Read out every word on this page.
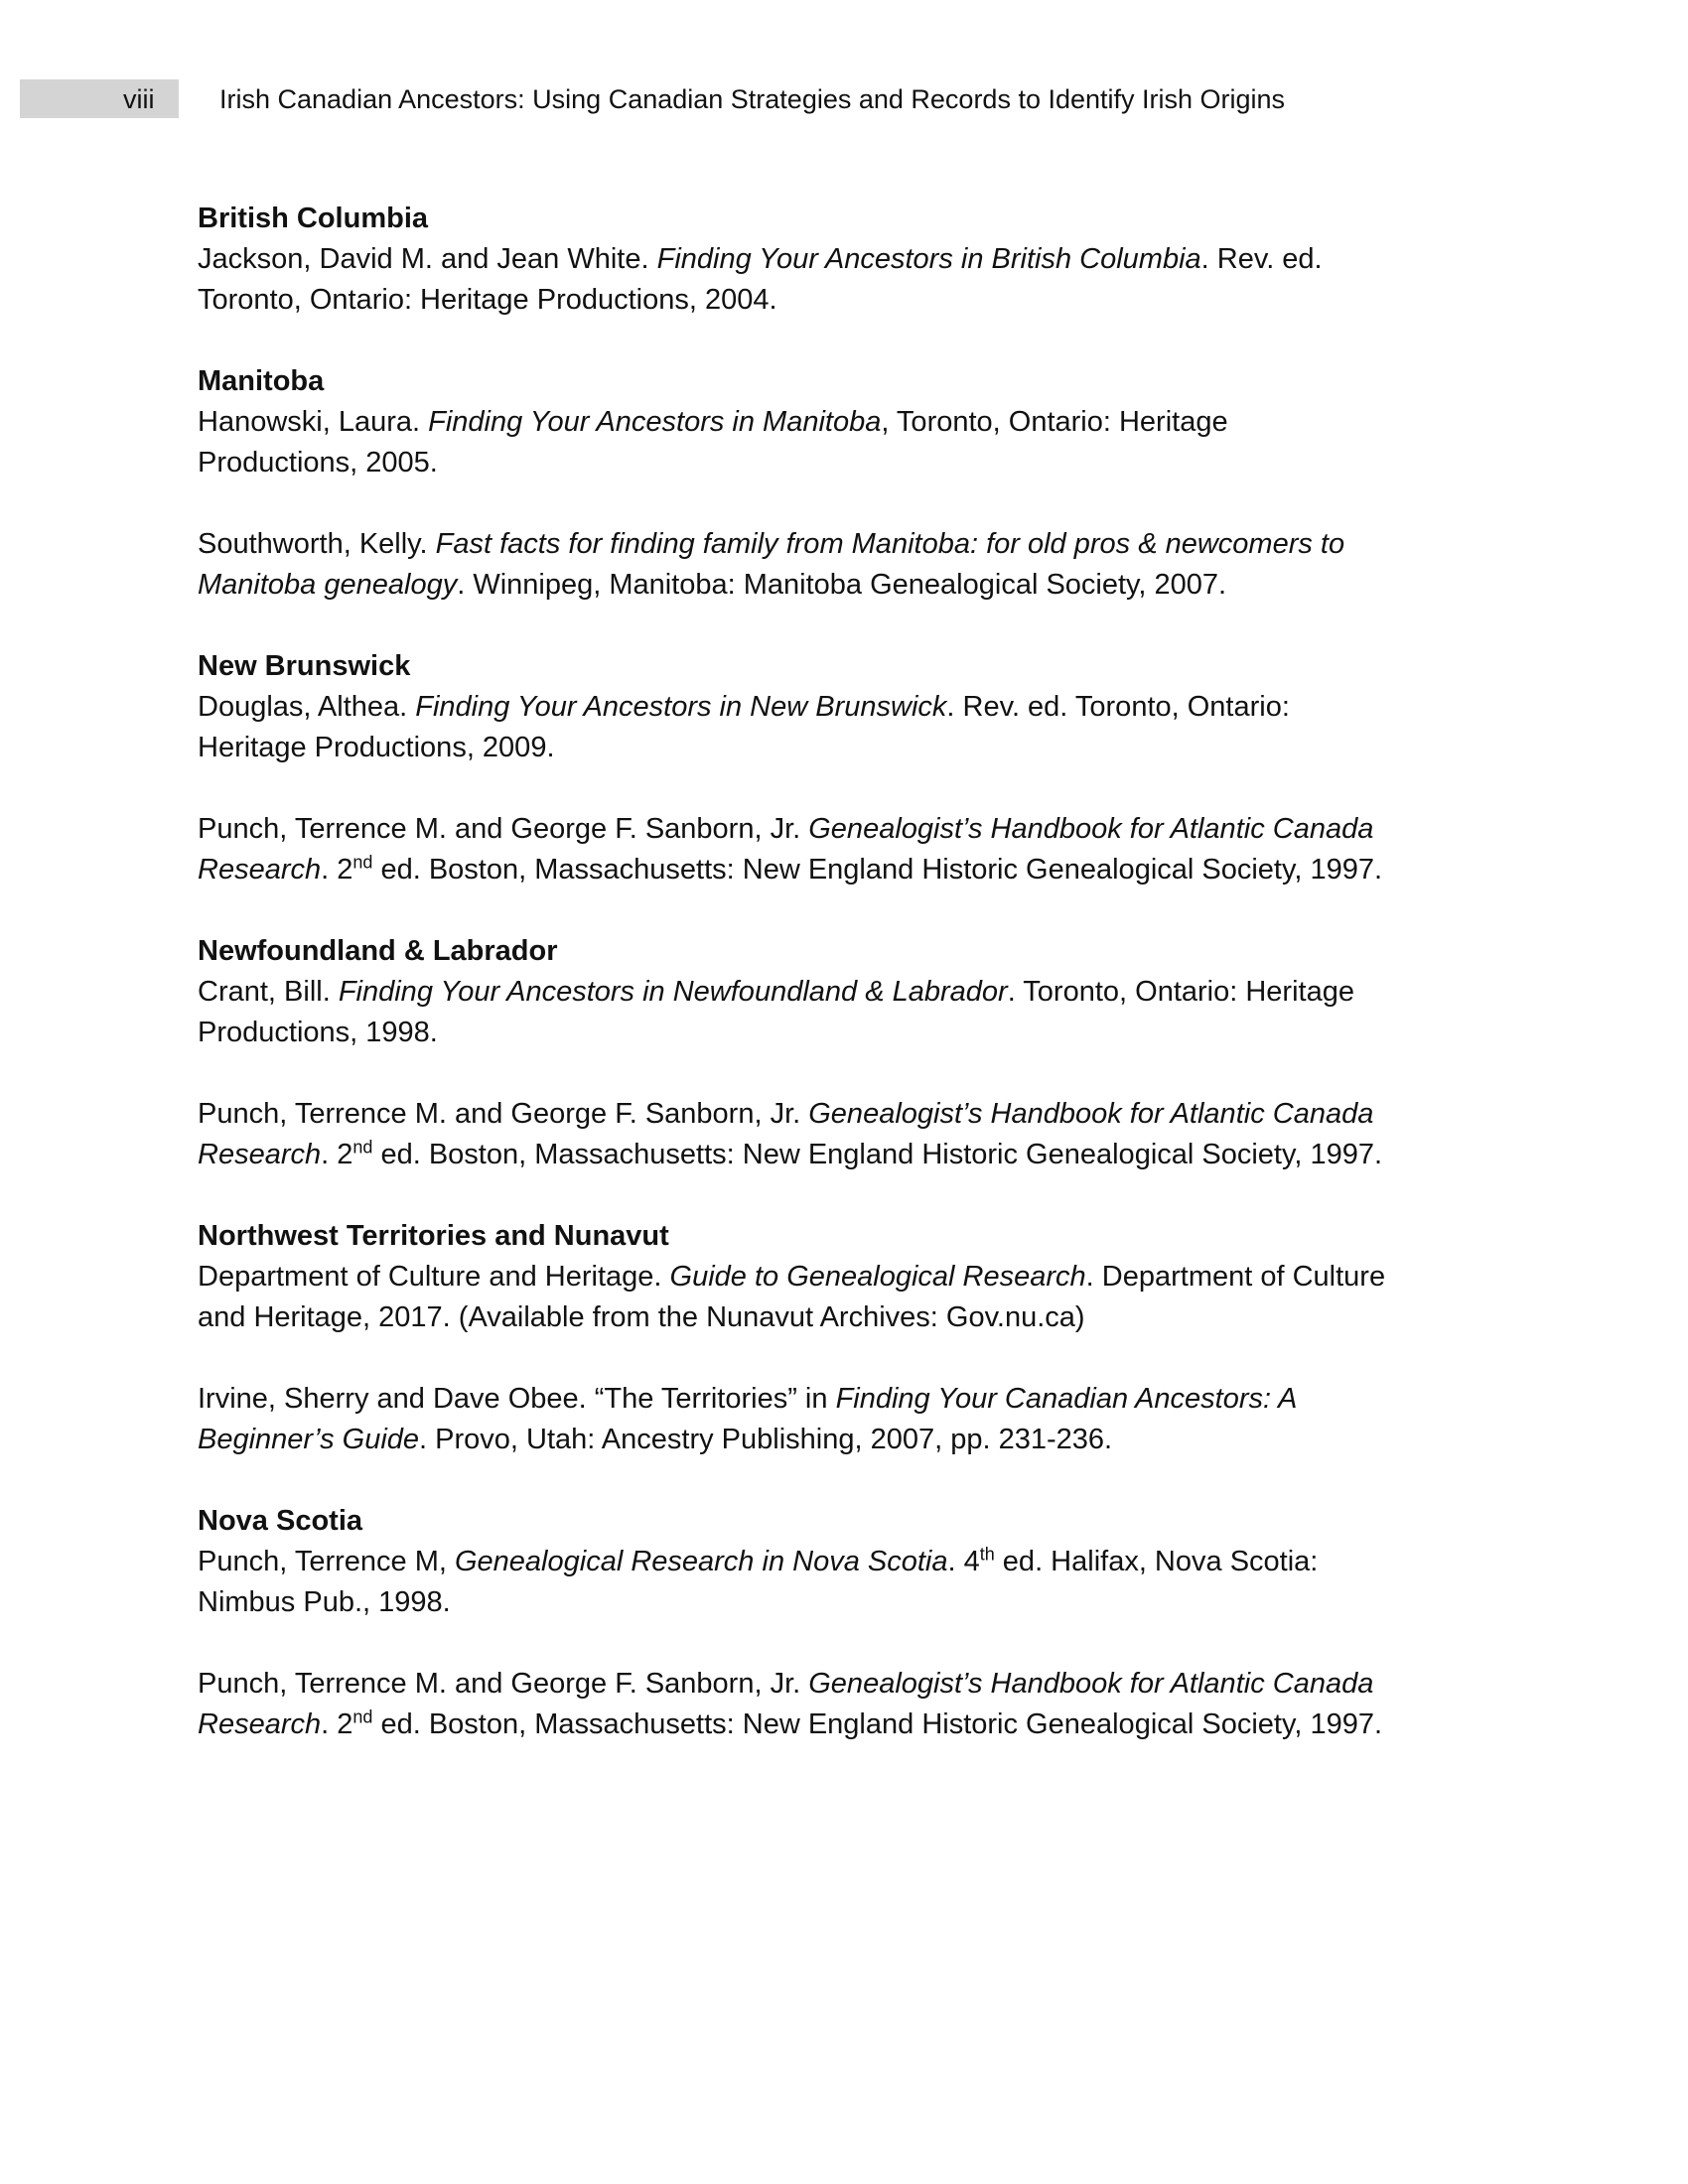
viii Irish Canadian Ancestors: Using Canadian Strategies and Records to Identify Irish Origins

British Columbia

Jackson, David M. and Jean White. Finding Your Ancestors in British Columbia. Rev. ed. Toronto, Ontario: Heritage Productions, 2004.

Manitoba

Hanowski, Laura. Finding Your Ancestors in Manitoba, Toronto, Ontario: Heritage Productions, 2005.

Southworth, Kelly. Fast facts for finding family from Manitoba: for old pros & newcomers to Manitoba genealogy. Winnipeg, Manitoba: Manitoba Genealogical Society, 2007.

New Brunswick

Douglas, Althea. Finding Your Ancestors in New Brunswick. Rev. ed. Toronto, Ontario: Heritage Productions, 2009.

Punch, Terrence M. and George F. Sanborn, Jr. Genealogist’s Handbook for Atlantic Canada Research. 2nd ed. Boston, Massachusetts: New England Historic Genealogical Society, 1997.

Newfoundland & Labrador

Crant, Bill. Finding Your Ancestors in Newfoundland & Labrador. Toronto, Ontario: Heritage Productions, 1998.

Punch, Terrence M. and George F. Sanborn, Jr. Genealogist’s Handbook for Atlantic Canada Research. 2nd ed. Boston, Massachusetts: New England Historic Genealogical Society, 1997.

Northwest Territories and Nunavut

Department of Culture and Heritage. Guide to Genealogical Research. Department of Culture and Heritage, 2017. (Available from the Nunavut Archives: Gov.nu.ca)

Irvine, Sherry and Dave Obee. “The Territories” in Finding Your Canadian Ancestors: A Beginner’s Guide. Provo, Utah: Ancestry Publishing, 2007, pp. 231-236.

Nova Scotia

Punch, Terrence M, Genealogical Research in Nova Scotia. 4th ed. Halifax, Nova Scotia: Nimbus Pub., 1998.

Punch, Terrence M. and George F. Sanborn, Jr. Genealogist’s Handbook for Atlantic Canada Research. 2nd ed. Boston, Massachusetts: New England Historic Genealogical Society, 1997.
